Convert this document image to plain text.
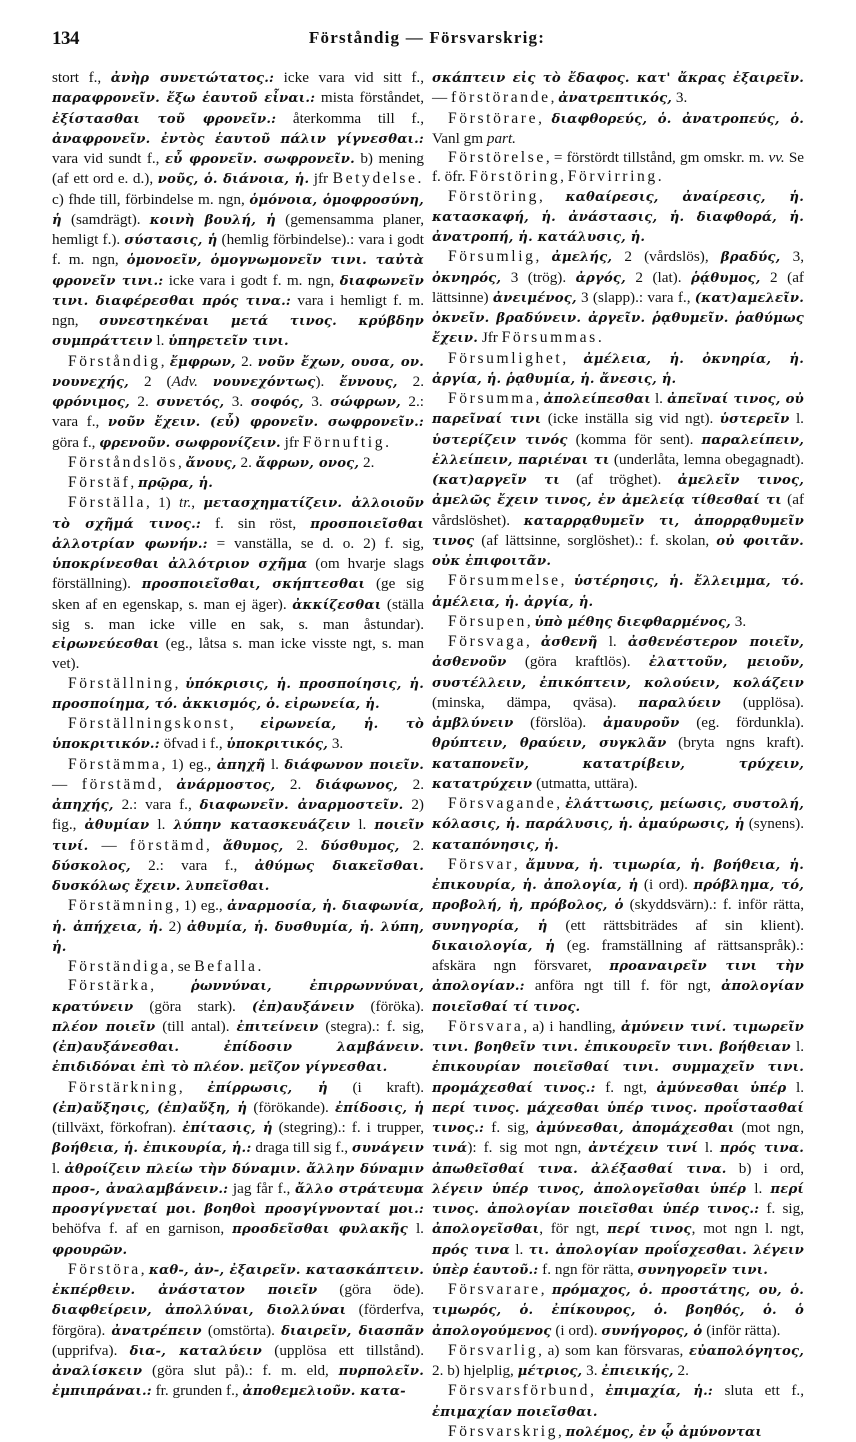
134	Förståndig — Försvarskrig:

stort f., ἀνὴρ συνετώτατος.: icke vara vid sitt f., παραφρονεῖν. ἔξω ἑαυτοῦ εἶναι.: mista förståndet, ἐξίστασθαι τοῦ φρονεῖν.: återkomma till f., ἀναφρονεῖν. ἐντὸς ἑαυτοῦ πάλιν γίγνεσθαι.: vara vid sundt f., εὖ φρονεῖν. σωφρονεῖν. b) mening (af ett ord e. d.), νοῦς, ὁ. διάνοια, ἡ. jfr Betydelse. c) fhde till, förbindelse m. ngn, ὁμόνοια, ὁμοφροσύνη, ἡ (samdrägt). κοινὴ βουλή, ἡ (gemensamma planer, hemligt f.). σύστασις, ἡ (hemlig förbindelse).: vara i godt f. m. ngn, ὁμονοεῖν, ὁμογνωμονεῖν τινι. ταὐτὰ φρονεῖν τινι.: icke vara i godt f. m. ngn, διαφωνεῖν τινι. διαφέρεσθαι πρός τινα.: vara i hemligt f. m. ngn, συνεστηκέναι μετά τινος. κρύβδην συμπράττειν l. ὑπηρετεῖν τινι.

Förståndig, ἔμφρων, 2. νοῦν ἔχων, ουσα, ον. νουνεχής, 2 (Adv. νουνεχόντως). ἔννους, 2. φρόνιμος, 2. συνετός, 3. σοφός, 3. σώφρων, 2.: vara f., νοῦν ἔχειν. (εὖ) φρονεῖν. σωφρονεῖν.: göra f., φρενοῦν. σωφρονίζειν. jfr Förnuftig.

Förståndslös, ἄνους, 2. ἄφρων, ονος, 2.

Förstäf, πρῷρα, ἡ.

Förställa, 1) tr., μετασχηματίζειν. ἀλλοιοῦν τὸ σχῆμά τινος.: f. sin röst, προσποιεῖσθαι ἀλλοτρίαν φωνήν.: = vanställa, se d. o. 2) f. sig, ὑποκρίνεσθαι ἀλλότριον σχῆμα (om hvarje slags förställning). προσποιεῖσθαι, σκήπτεσθαι (ge sig sken af en egenskap, s. man ej äger). ἀκκίζεσθαι (ställa sig s. man icke ville en sak, s. man åstundar). εἰρωνεύεσθαι (eg., låtsa s. man icke visste ngt, s. man vet).

Förställning, ὑπόκρισις, ἡ. προσποίησις, ἡ. προσποίημα, τό. ἀκκισμός, ὁ. εἰρωνεία, ἡ.

Förställningskonst, εἰρωνεία, ἡ. τὸ ὑποκριτικόν.: öfvad i f., ὑποκριτικός, 3.

Förstämma, 1) eg., ἀπηχῆ l. διάφωνον ποιεῖν. — förstämd, ἀνάρμοστος, 2. διάφωνος, 2. ἀπηχής, 2.: vara f., διαφωνεῖν. ἀναρμοστεῖν. 2) fig., ἀθυμίαν l. λύπην κατασκευάζειν l. ποιεῖν τινί. — förstämd, ἄθυμος, 2. δύσθυμος, 2. δύσκολος, 2.: vara f., ἀθύμως διακεῖσθαι. δυσκόλως ἔχειν. λυπεῖσθαι.

Förstämning, 1) eg., ἀναρμοσία, ἡ. διαφωνία, ἡ. ἀπήχεια, ἡ. 2) ἀθυμία, ἡ. δυσθυμία, ἡ. λύπη, ἡ.

Förständiga, se Befalla.

Förstärka, ῥωννύναι, ἐπιρρωννύναι, κρατύνειν (göra stark). (ἐπ)αυξάνειν (föröka). πλέον ποιεῖν (till antal). ἐπιτείνειν (stegra).: f. sig, (ἐπ)αυξάνεσθαι. ἐπίδοσιν λαμβάνειν. ἐπιδιδόναι ἐπὶ τὸ πλέον. μεῖζον γίγνεσθαι.

Förstärkning, ἐπίρρωσις, ἡ (i kraft). (ἐπ)αὔξησις, (ἐπ)αὔξη, ἡ (förökande). ἐπίδοσις, ἡ (tillväxt, förkofran). ἐπίτασις, ἡ (stegring).: f. i trupper, βοήθεια, ἡ. ἐπικουρία, ἡ.: draga till sig f., συνάγειν l. ἀθροίζειν πλείω τὴν δύναμιν. ἄλλην δύναμιν προσ-, ἀναλαμβάνειν.: jag får f., ἄλλο στράτευμα προσγίγνεταί μοι. βοηθοὶ προσγίγνονταί μοι.: behöfva f. af en garnison, προσδεῖσθαι φυλακῆς l. φρουρῶν.

Förstöra, καθ-, ἀν-, ἐξαιρεῖν. κατασκάπτειν. ἐκπέρθειν. ἀνάστατον ποιεῖν (göra öde). διαφθείρειν, ἀπολλύναι, διολλύναι (förderfva, förgöra). ἀνατρέπειν (omstörta). διαιρεῖν, διασπᾶν (upprifva). δια-, καταλύειν (upplösa ett tillstånd). ἀναλίσκειν (göra slut på).: f. m. eld, πυρπολεῖν. ἐμπιπράναι.: fr. grunden f., ἀποθεμελιοῦν. κατα-

σκάπτειν εἰς τὸ ἔδαφος. κατ' ἄκρας ἐξαιρεῖν. — förstörande, ἀνατρεπτικός, 3.

Förstörare, διαφθορεύς, ὁ. ἀνατροπεύς, ὁ. Vanl gm part.

Förstörelse, = förstördt tillstånd, gm omskr. m. vv. Se f. öfr. Förstöring, Förvirring.

Förstöring, καθαίρεσις, ἀναίρεσις, ἡ. κατασκαφή, ἡ. ἀνάστασις, ἡ. διαφθορά, ἡ. ἀνατροπή, ἡ. κατάλυσις, ἡ.

Försumlig, ἀμελής, 2 (vårdslös), βραδύς, 3, ὀκνηρός, 3 (trög). ἀργός, 2 (lat). ῥᾴθυμος, 2 (af lättsinne) ἀνειμένος, 3 (slapp).: vara f., (κατ)αμελεῖν. ὀκνεῖν. βραδύνειν. ἀργεῖν. ῥᾳθυμεῖν. ῥαθύμως ἔχειν. Jfr Försummas.

Försumlighet, ἀμέλεια, ἡ. ὀκνηρία, ἡ. ἀργία, ἡ. ῥᾳθυμία, ἡ. ἄνεσις, ἡ.

Försumma, ἀπολείπεσθαι l. ἀπεῖναί τινος, οὐ παρεῖναί τινι (icke inställa sig vid ngt). ὑστερεῖν l. ὑστερίζειν τινός (komma för sent). παραλείπειν, ἐλλείπειν, παριέναι τι (underlåta, lemna obegagnadt). (κατ)αργεῖν τι (af tröghet). ἀμελεῖν τινος, ἀμελῶς ἔχειν τινος, ἐν ἀμελείᾳ τίθεσθαί τι (af vårdslöshet). καταρρᾳθυμεῖν τι, ἀπορρᾳθυμεῖν τινος (af lättsinne, sorglöshet).: f. skolan, οὐ φοιτᾶν. οὐκ ἐπιφοιτᾶν.

Försummelse, ὑστέρησις, ἡ. ἔλλειμμα, τό. ἀμέλεια, ἡ. ἀργία, ἡ.

Försupen, ὑπὸ μέθης διεφθαρμένος, 3.

Försvaga, ἀσθενῆ l. ἀσθενέστερον ποιεῖν, ἀσθενοῦν (göra kraftlös). ἐλαττοῦν, μειοῦν, συστέλλειν, ἐπικόπτειν, κολούειν, κολάζειν (minska, dämpa, qväsa). παραλύειν (upplösa). ἀμβλύνειν (förslöa). ἀμαυροῦν (eg. fördunkla). θρύπτειν, θραύειν, συγκλᾶν (bryta ngns kraft). καταπονεῖν, κατατρίβειν, τρύχειν, κατατρύχειν (utmatta, uttära).

Försvagande, ἐλάττωσις, μείωσις, συστολή, κόλασις, ἡ. παράλυσις, ἡ. ἀμαύρωσις, ἡ (synens). καταπόνησις, ἡ.

Försvar, ἄμυνα, ἡ. τιμωρία, ἡ. βοήθεια, ἡ. ἐπικουρία, ἡ. ἀπολογία, ἡ (i ord). πρόβλημα, τό, προβολή, ἡ, πρόβολος, ὁ (skyddsvärn).: f. inför rätta, συνηγορία, ἡ (ett rättsbiträdes af sin klient). δικαιολογία, ἡ (eg. framställning af rättsanspråk).: afskära ngn försvaret, προαναιρεῖν τινι τὴν ἀπολογίαν.: anföra ngt till f. för ngt, ἀπολογίαν ποιεῖσθαί τί τινος.

Försvara, a) i handling, ἀμύνειν τινί. τιμωρεῖν τινι. βοηθεῖν τινι. ἐπικουρεῖν τινι. βοήθειαν l. ἐπικουρίαν ποιεῖσθαί τινι. συμμαχεῖν τινι. προμάχεσθαί τινος.: f. ngt, ἀμύνεσθαι ὑπέρ l. περί τινος. μάχεσθαι ὑπέρ τινος. προΐστασθαί τινος.: f. sig, ἀμύνεσθαι, ἀπομάχεσθαι (mot ngn, τινά): f. sig mot ngn, ἀντέχειν τινί l. πρός τινα. ἀπωθεῖσθαί τινα. ἀλέξασθαί τινα. b) i ord, λέγειν ὑπέρ τινος, ἀπολογεῖσθαι ὑπέρ l. περί τινος. ἀπολογίαν ποιεῖσθαι ὑπέρ τινος.: f. sig, ἀπολογεῖσθαι, för ngt, περί τινος, mot ngn l. ngt, πρός τινα l. τι. ἀπολογίαν προΐσχεσθαι. λέγειν ὑπὲρ ἑαυτοῦ.: f. ngn för rätta, συνηγορεῖν τινι.

Försvarare, πρόμαχος, ὁ. προστάτης, ου, ὁ. τιμωρός, ὁ. ἐπίκουρος, ὁ. βοηθός, ὁ. ὁ ἀπολογούμενος (i ord). συνήγορος, ὁ (inför rätta).

Försvarlig, a) som kan försvaras, εὐαπολόγητος, 2. b) hjelplig, μέτριος, 3. ἐπιεικής, 2.

Försvarsförbund, ἐπιμαχία, ἡ.: sluta ett f., ἐπιμαχίαν ποιεῖσθαι.

Försvarskrig, πολέμος, ἐν ᾧ ἀμύνονται
